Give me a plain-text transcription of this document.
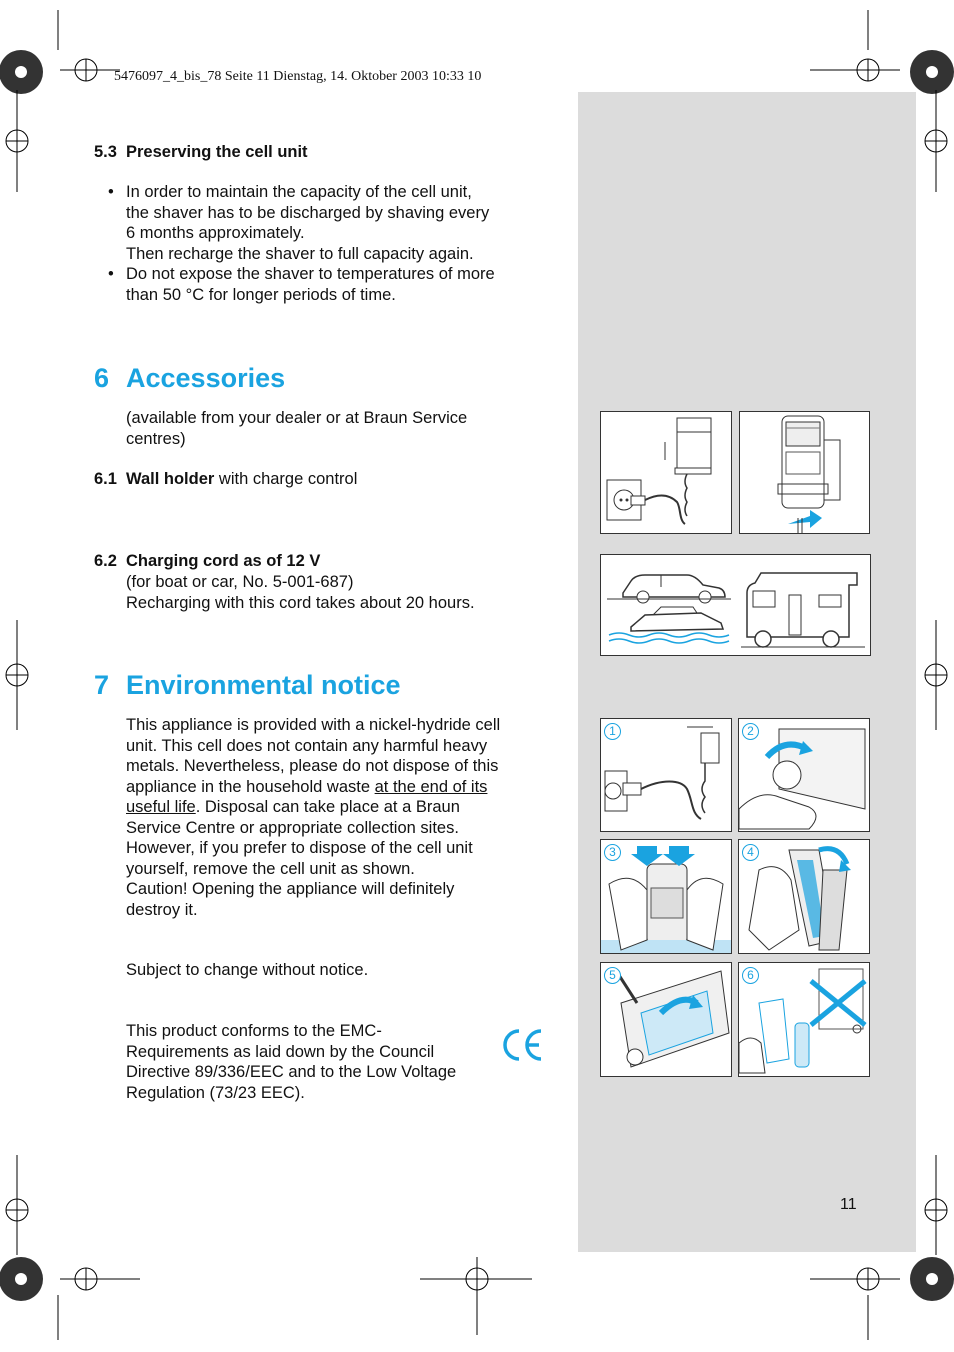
5476097_4_bis_78 Seite 11 Dienstag, 14. Oktober 2003 10:33 10
5.3 Preserving the cell unit
• In order to maintain the capacity of the cell unit,
the shaver has to be discharged by shaving every
6 months approximately.
Then recharge the shaver to full capacity again.
• Do not expose the shaver to temperatures of more
than 50 °C for longer periods of time.
6 Accessories
(available from your dealer or at Braun Service
centres)
6.1 Wall holder with charge control
6.2 Charging cord as of 12 V
(for boat or car, No. 5-001-687)
Recharging with this cord takes about 20 hours.
7 Environmental notice
This appliance is provided with a nickel-hydride cell
unit. This cell does not contain any harmful heavy
metals. Nevertheless, please do not dispose of this
appliance in the household waste at the end of its
useful life. Disposal can take place at a Braun
Service Centre or appropriate collection sites.
However, if you prefer to dispose of the cell unit
yourself, remove the cell unit as shown.
Caution! Opening the appliance will definitely
destroy it.
Subject to change without notice.
This product conforms to the EMC-
Requirements as laid down by the Council
Directive 89/336/EEC and to the Low Voltage
Regulation (73/23 EEC).
1	2
3	4
5	6
11
